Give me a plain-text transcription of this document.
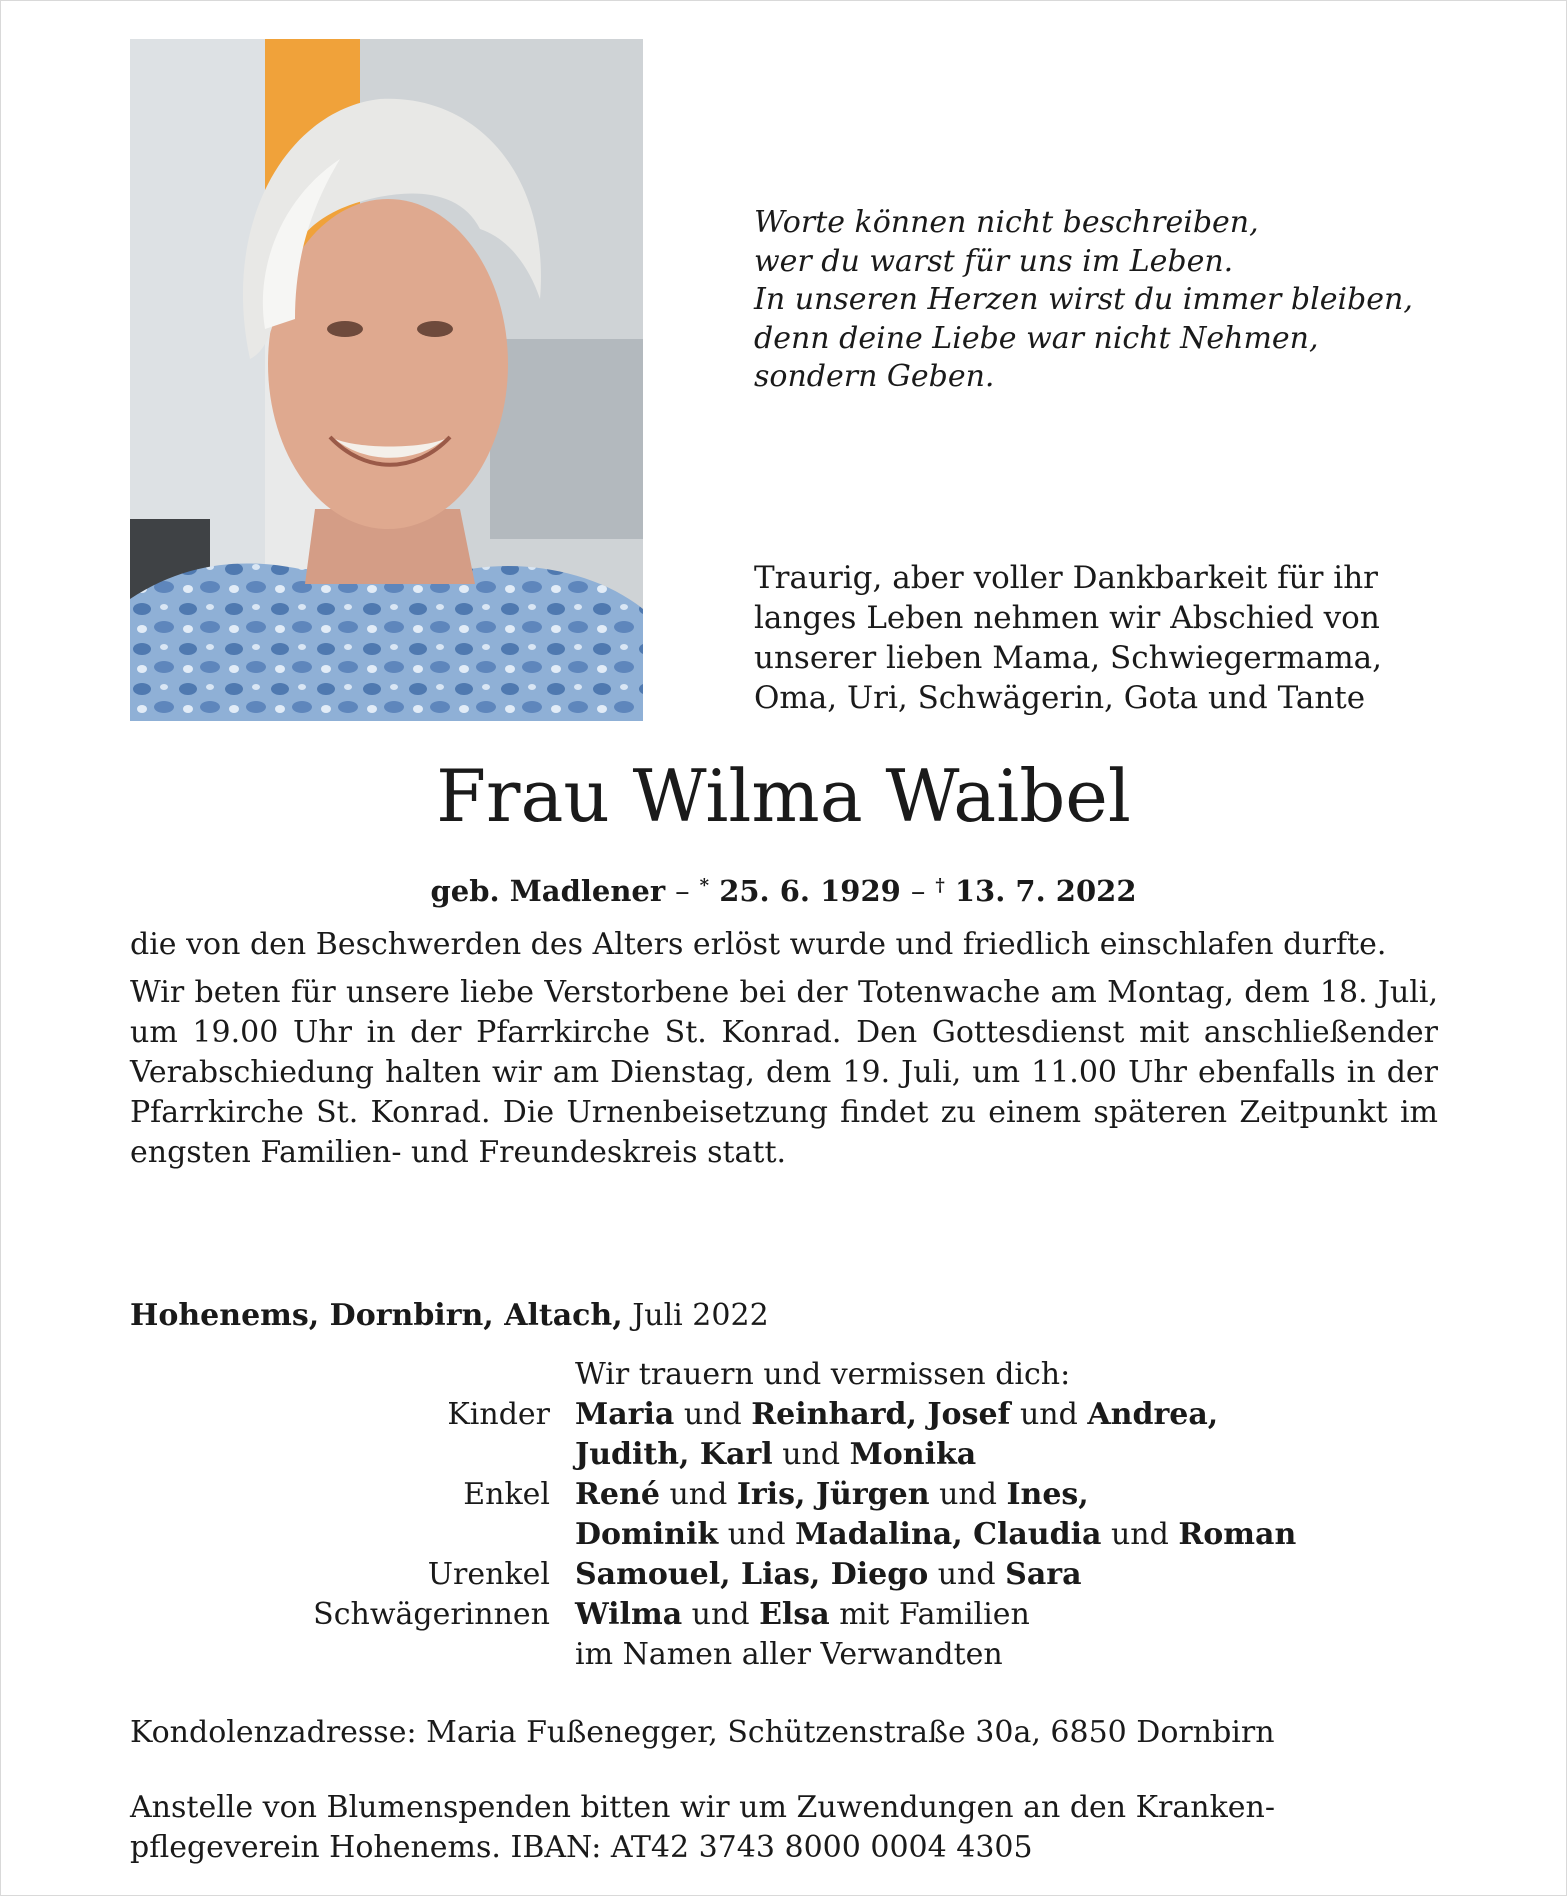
Worte können nicht beschreiben,
wer du warst für uns im Leben.
In unseren Herzen wirst du immer bleiben,
denn deine Liebe war nicht Nehmen,
sondern Geben.
Traurig, aber voller Dankbarkeit für ihr
langes Leben nehmen wir Abschied von
unserer lieben Mama, Schwiegermama,
Oma, Uri, Schwägerin, Gota und Tante
Frau Wilma Waibel
geb. Madlener – * 25. 6. 1929 – † 13. 7. 2022

die von den Beschwerden des Alters erlöst wurde und friedlich einschlafen durfte.

Wir beten für unsere liebe Verstorbene bei der Totenwache am Montag, dem 18. Juli, um 19.00 Uhr in der Pfarrkirche St. Konrad. Den Gottesdienst mit anschließender Verabschiedung halten wir am Dienstag, dem 19. Juli, um 11.00 Uhr ebenfalls in der Pfarrkirche St. Konrad. Die Urnenbeisetzung findet zu einem späteren Zeitpunkt im engsten Familien- und Freundeskreis statt.

Hohenems, Dornbirn, Altach, Juli 2022
Wir trauern und vermissen dich:
Kinder Maria und Reinhard, Josef und Andrea,
Judith, Karl und Monika
Enkel René und Iris, Jürgen und Ines,
Dominik und Madalina, Claudia und Roman
Urenkel Samouel, Lias, Diego und Sara
Schwägerinnen Wilma und Elsa mit Familien
im Namen aller Verwandten
Kondolenzadresse: Maria Fußenegger, Schützenstraße 30a, 6850 Dornbirn
Anstelle von Blumenspenden bitten wir um Zuwendungen an den Kranken-
pflegeverein Hohenems. IBAN: AT42 3743 8000 0004 4305
